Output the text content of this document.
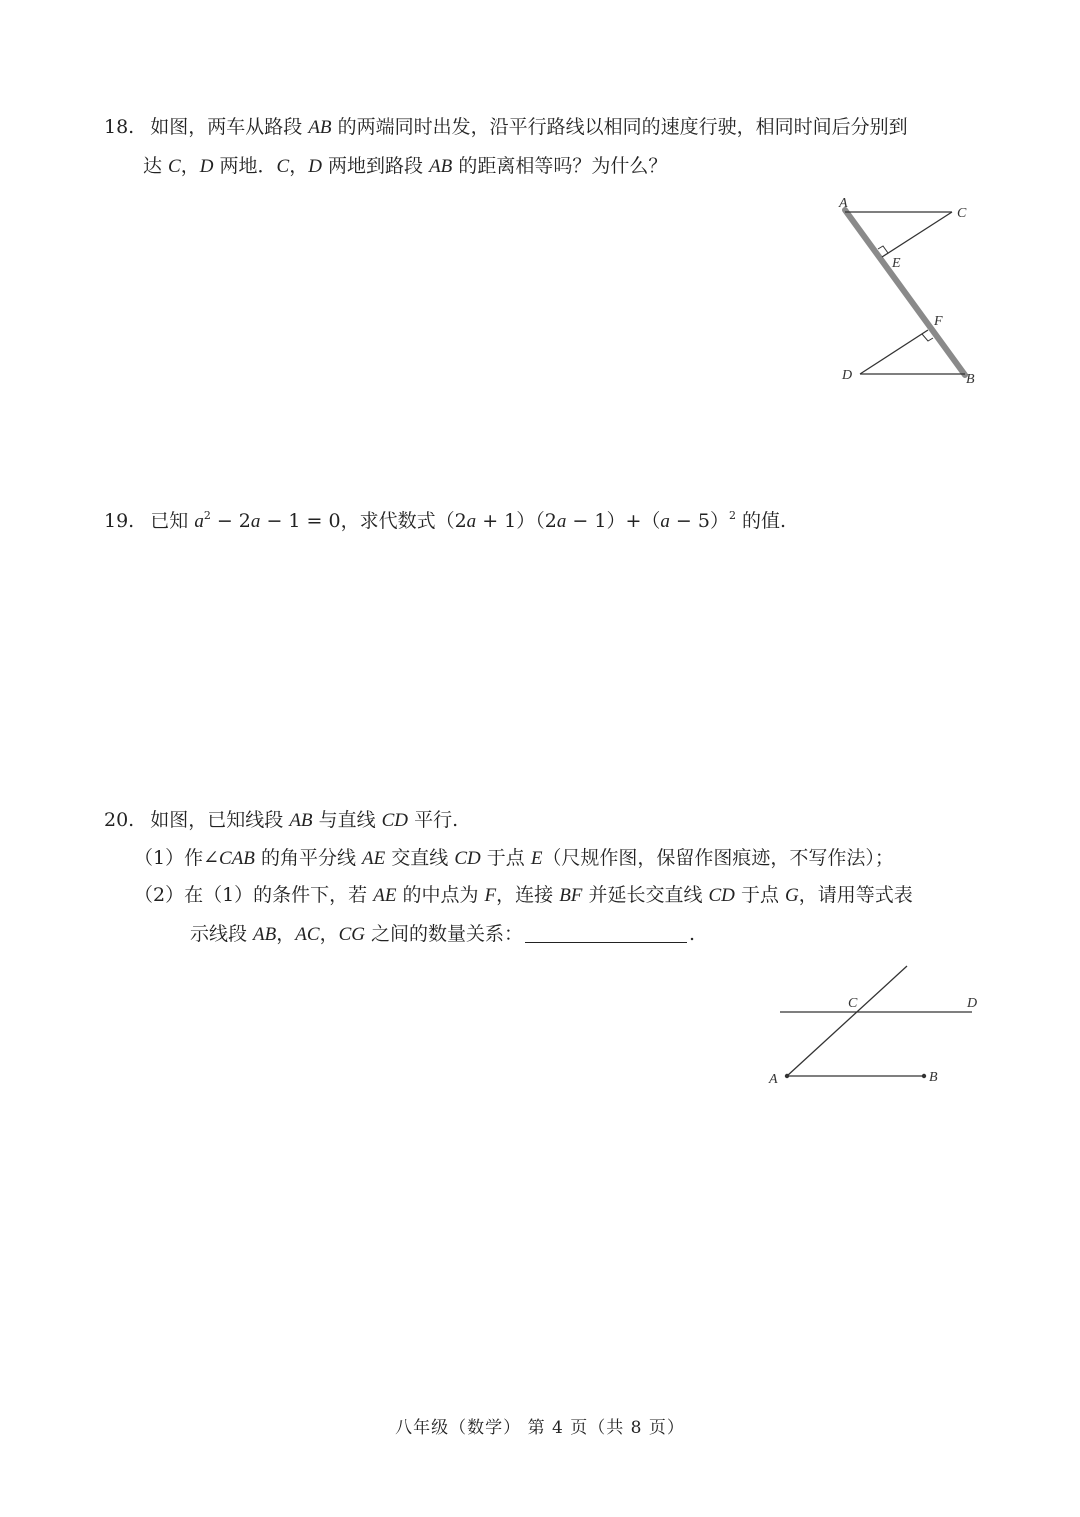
18. 如图，两车从路段 AB 的两端同时出发，沿平行路线以相同的速度行驶，相同时间后分别到
达 C，D 两地．C，D 两地到路段 AB 的距离相等吗？为什么？
A
C
E
F
D	B
19. 已知 $a^2 - 2a - 1 = 0$，求代数式$(2a + 1)(2a - 1)+(a - 5)^2$ 的值.
20. 如图，已知线段 AB 与直线 CD 平行.
（1）作∠CAB 的角平分线 AE 交直线 CD 于点 E（尺规作图，保留作图痕迹，不写作法）；
（2）在（1）的条件下，若 AE 的中点为 F，连接 BF 并延长交直线 CD 于点 G，请用等式表
示线段 AB，AC，CG 之间的数量关系：	.
C	D
A	B
八年级（数学） 第 4 页（共 8 页）
